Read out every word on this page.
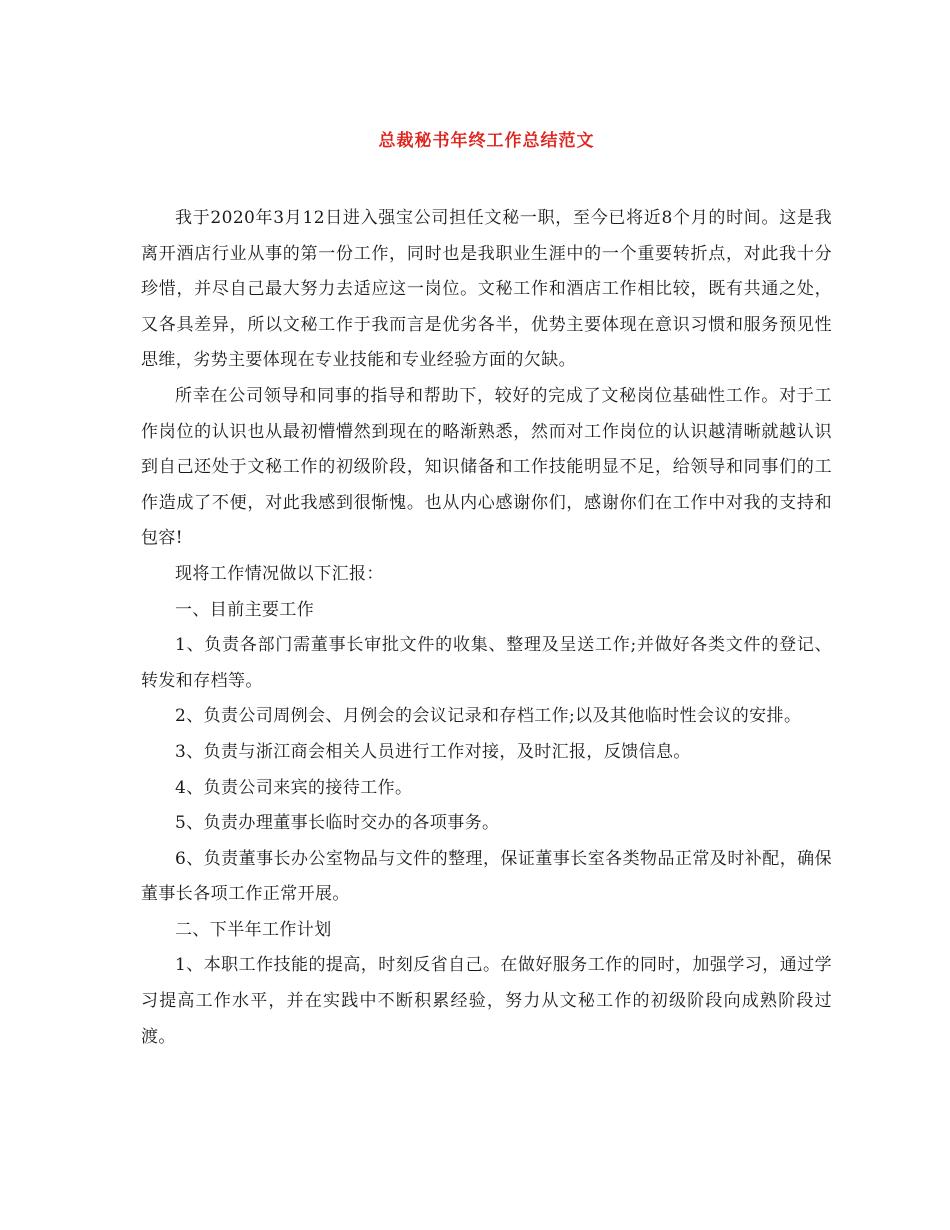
总裁秘书年终工作总结范文

我于2020年3月12日进入强宝公司担任文秘一职，至今已将近8个月的时间。这是我离开酒店行业从事的第一份工作，同时也是我职业生涯中的一个重要转折点，对此我十分珍惜，并尽自己最大努力去适应这一岗位。文秘工作和酒店工作相比较，既有共通之处，又各具差异，所以文秘工作于我而言是优劣各半，优势主要体现在意识习惯和服务预见性思维，劣势主要体现在专业技能和专业经验方面的欠缺。

所幸在公司领导和同事的指导和帮助下，较好的完成了文秘岗位基础性工作。对于工作岗位的认识也从最初懵懵然到现在的略渐熟悉，然而对工作岗位的认识越清晰就越认识到自己还处于文秘工作的初级阶段，知识储备和工作技能明显不足，给领导和同事们的工作造成了不便，对此我感到很惭愧。也从内心感谢你们，感谢你们在工作中对我的支持和包容!

现将工作情况做以下汇报：

一、目前主要工作

1、负责各部门需董事长审批文件的收集、整理及呈送工作;并做好各类文件的登记、转发和存档等。

2、负责公司周例会、月例会的会议记录和存档工作;以及其他临时性会议的安排。

3、负责与浙江商会相关人员进行工作对接，及时汇报，反馈信息。

4、负责公司来宾的接待工作。

5、负责办理董事长临时交办的各项事务。

6、负责董事长办公室物品与文件的整理，保证董事长室各类物品正常及时补配，确保董事长各项工作正常开展。

二、下半年工作计划

1、本职工作技能的提高，时刻反省自己。在做好服务工作的同时，加强学习，通过学习提高工作水平，并在实践中不断积累经验，努力从文秘工作的初级阶段向成熟阶段过渡。
